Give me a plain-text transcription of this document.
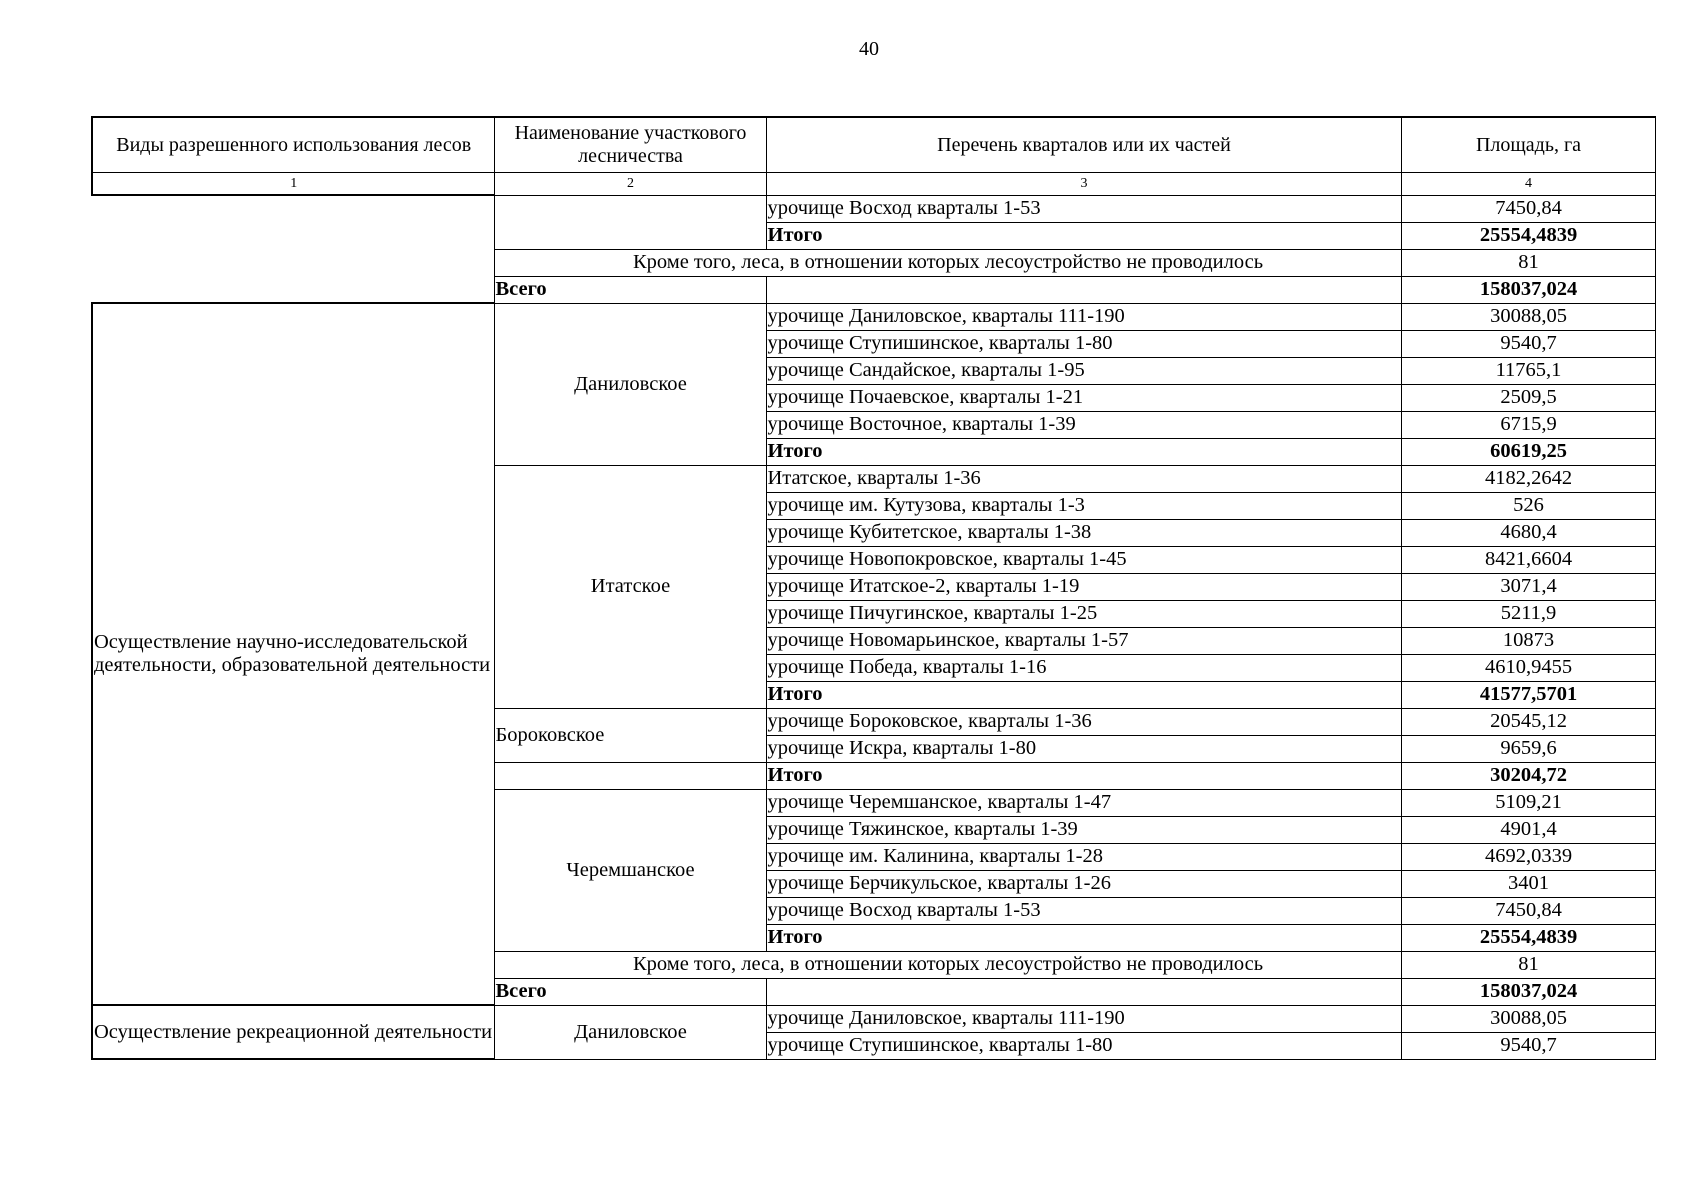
40
Виды разрешенного использования лесов	Наименование участкового лесничества	Перечень кварталов или их частей	Площадь, га
1	2	3	4
		урочище Восход кварталы 1-53	7450,84
		Итого	25554,4839
	Кроме того, леса, в отношении которых лесоустройство не проводилось		81
	Всего		158037,024
Осуществление научно-исследовательской деятельности, образовательной деятельности	Даниловское	урочище Даниловское, кварталы 111-190	30088,05
		урочище Ступишинское, кварталы 1-80	9540,7
		урочище Сандайское, кварталы 1-95	11765,1
		урочище Почаевское, кварталы 1-21	2509,5
		урочище Восточное, кварталы 1-39	6715,9
		Итого	60619,25
	Итатское	Итатское, кварталы 1-36	4182,2642
		урочище им. Кутузова, кварталы 1-3	526
		урочище Кубитетское, кварталы 1-38	4680,4
		урочище Новопокровское, кварталы 1-45	8421,6604
		урочище Итатское-2, кварталы 1-19	3071,4
		урочище Пичугинское, кварталы 1-25	5211,9
		урочище Новомарьинское, кварталы 1-57	10873
		урочище Победа, кварталы 1-16	4610,9455
		Итого	41577,5701
	Бороковское	урочище Бороковское, кварталы 1-36	20545,12
		урочище Искра, кварталы 1-80	9659,6
		Итого	30204,72
	Черемшанское	урочище Черемшанское, кварталы 1-47	5109,21
		урочище Тяжинское, кварталы 1-39	4901,4
		урочище им. Калинина, кварталы 1-28	4692,0339
		урочище Берчикульское, кварталы 1-26	3401
		урочище Восход кварталы 1-53	7450,84
		Итого	25554,4839
	Кроме того, леса, в отношении которых лесоустройство не проводилось		81
	Всего		158037,024
Осуществление рекреационной деятельности	Даниловское	урочище Даниловское, кварталы 111-190	30088,05
		урочище Ступишинское, кварталы 1-80	9540,7
